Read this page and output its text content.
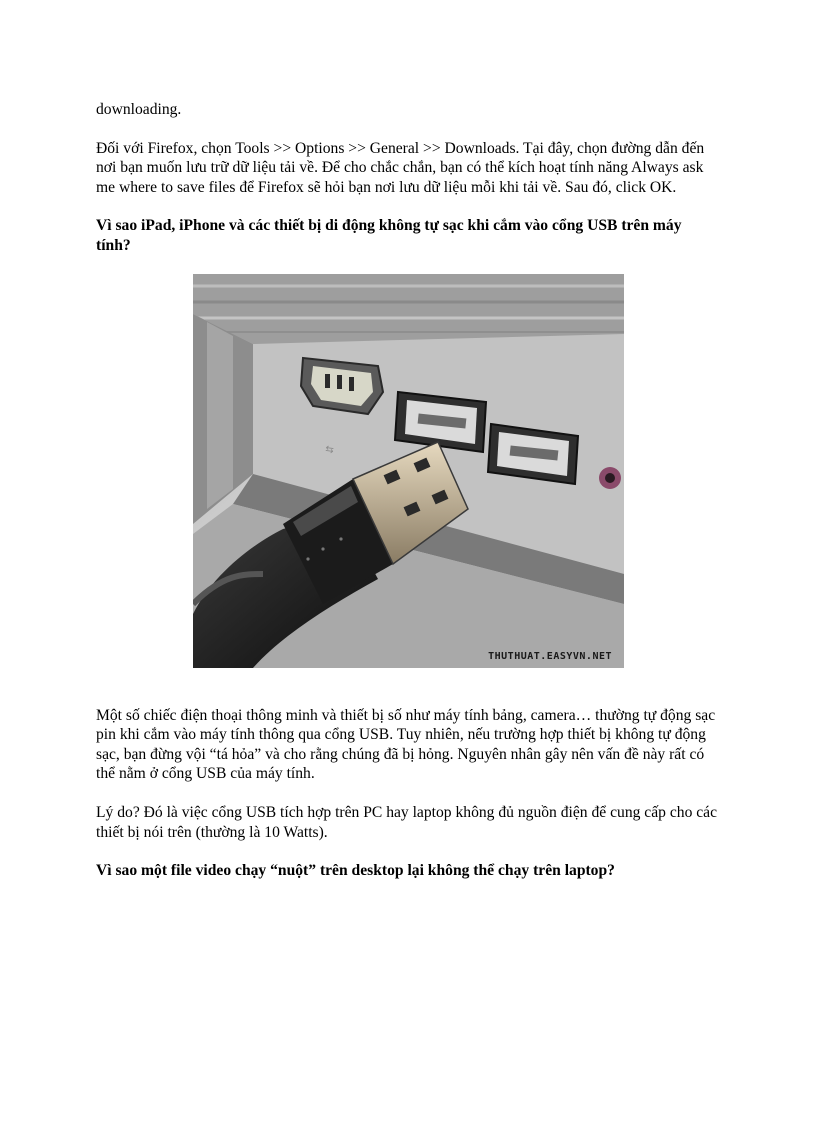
downloading.

Đối với Firefox, chọn Tools >> Options >> General >> Downloads. Tại đây, chọn đường dẫn đến nơi bạn muốn lưu trữ dữ liệu tải về. Để cho chắc chắn, bạn có thể kích hoạt tính năng Always ask me where to save files để Firefox sẽ hỏi bạn nơi lưu dữ liệu mỗi khi tải về. Sau đó, click OK.

Vì sao iPad, iPhone và các thiết bị di động không tự sạc khi cắm vào cổng USB trên máy tính?

⇆
THUTHUAT.EASYVN.NET

Một số chiếc điện thoại thông minh và thiết bị số như máy tính bảng, camera… thường tự động sạc pin khi cắm vào máy tính thông qua cổng USB. Tuy nhiên, nếu trường hợp thiết bị không tự động sạc, bạn đừng vội “tá hỏa” và cho rằng chúng đã bị hỏng. Nguyên nhân gây nên vấn đề này rất có thể nằm ở cổng USB của máy tính.

Lý do? Đó là việc cổng USB tích hợp trên PC hay laptop không đủ nguồn điện để cung cấp cho các thiết bị nói trên (thường là 10 Watts).

Vì sao một file video chạy “nuột” trên desktop lại không thể chạy trên laptop?
